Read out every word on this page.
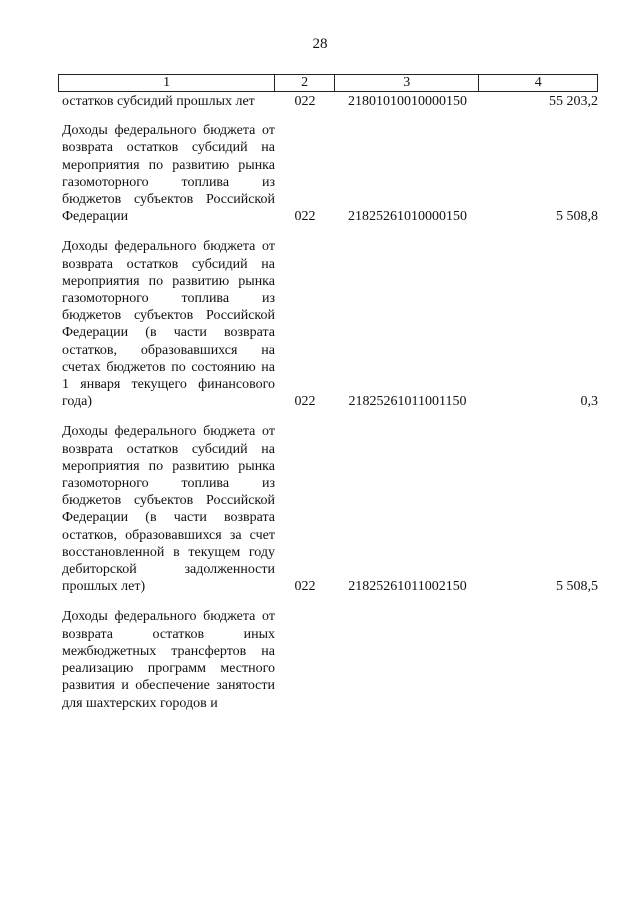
28
1	2	3	4
остатков субсидий прошлых лет	022	21801010010000150	55 203,2
Доходы федерального бюджета от возврата остатков субсидий на мероприятия по развитию рынка газомоторного топлива из бюджетов субъектов Российской Федерации	022	21825261010000150	5 508,8
Доходы федерального бюджета от возврата остатков субсидий на мероприятия по развитию рынка газомоторного топлива из бюджетов субъектов Российской Федерации (в части возврата остатков, образовавшихся на счетах бюджетов по состоянию на 1 января текущего финансового года)	022	21825261011001150	0,3
Доходы федерального бюджета от возврата остатков субсидий на мероприятия по развитию рынка газомоторного топлива из бюджетов субъектов Российской Федерации (в части возврата остатков, образовавшихся за счет восстановленной в текущем году дебиторской задолженности прошлых лет)	022	21825261011002150	5 508,5
Доходы федерального бюджета от возврата остатков иных межбюджетных трансфертов на реализацию программ местного развития и обеспечение занятости для шахтерских городов и
